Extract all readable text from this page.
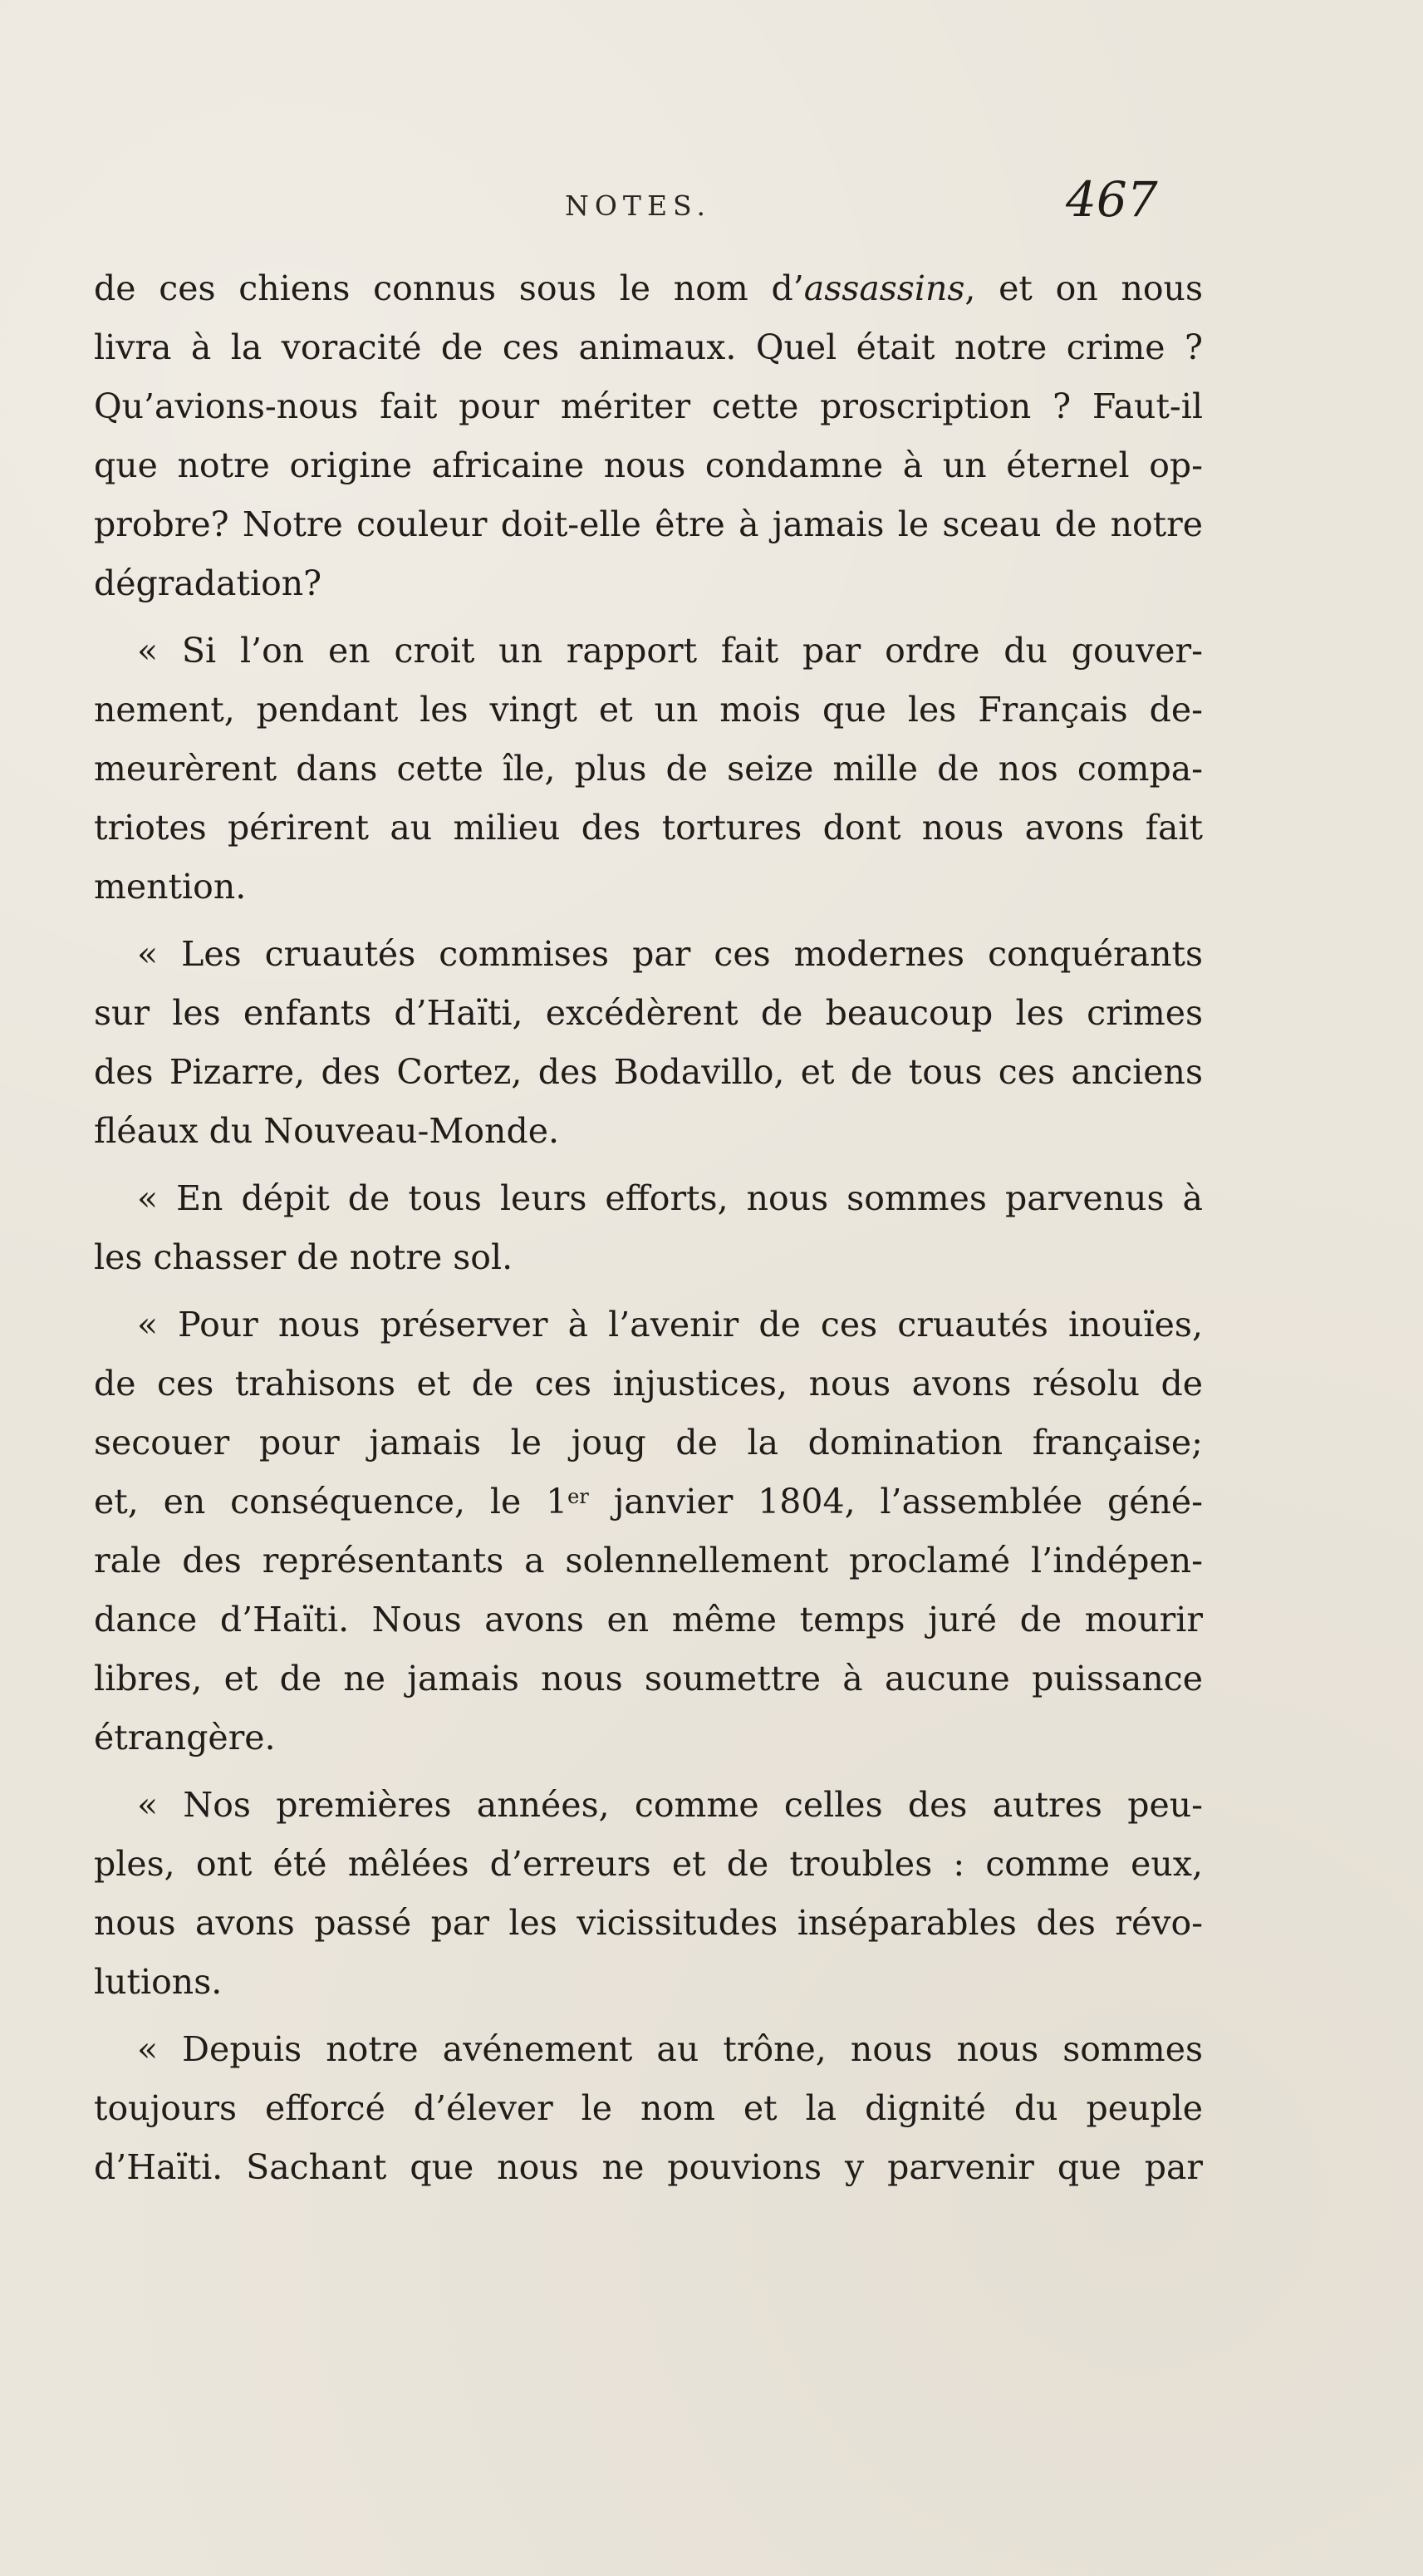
NOTES.	467
de ces chiens connus sous le nom d’assassins, et on nous
livra à la voracité de ces animaux. Quel était notre crime ?
Qu’avions-nous fait pour mériter cette proscription ? Faut-il
que notre origine africaine nous condamne à un éternel op-
probre? Notre couleur doit-elle être à jamais le sceau de notre
dégradation?
« Si l’on en croit un rapport fait par ordre du gouver-
nement, pendant les vingt et un mois que les Français de-
meurèrent dans cette île, plus de seize mille de nos compa-
triotes périrent au milieu des tortures dont nous avons fait
mention.
« Les cruautés commises par ces modernes conquérants
sur les enfants d’Haïti, excédèrent de beaucoup les crimes
des Pizarre, des Cortez, des Bodavillo, et de tous ces anciens
fléaux du Nouveau-Monde.
« En dépit de tous leurs efforts, nous sommes parvenus à
les chasser de notre sol.
« Pour nous préserver à l’avenir de ces cruautés inouïes,
de ces trahisons et de ces injustices, nous avons résolu de
secouer pour jamais le joug de la domination française;
et, en conséquence, le 1er janvier 1804, l’assemblée géné-
rale des représentants a solennellement proclamé l’indépen-
dance d’Haïti. Nous avons en même temps juré de mourir
libres, et de ne jamais nous soumettre à aucune puissance
étrangère.
« Nos premières années, comme celles des autres peu-
ples, ont été mêlées d’erreurs et de troubles : comme eux,
nous avons passé par les vicissitudes inséparables des révo-
lutions.
« Depuis notre avénement au trône, nous nous sommes
toujours efforcé d’élever le nom et la dignité du peuple
d’Haïti. Sachant que nous ne pouvions y parvenir que par
